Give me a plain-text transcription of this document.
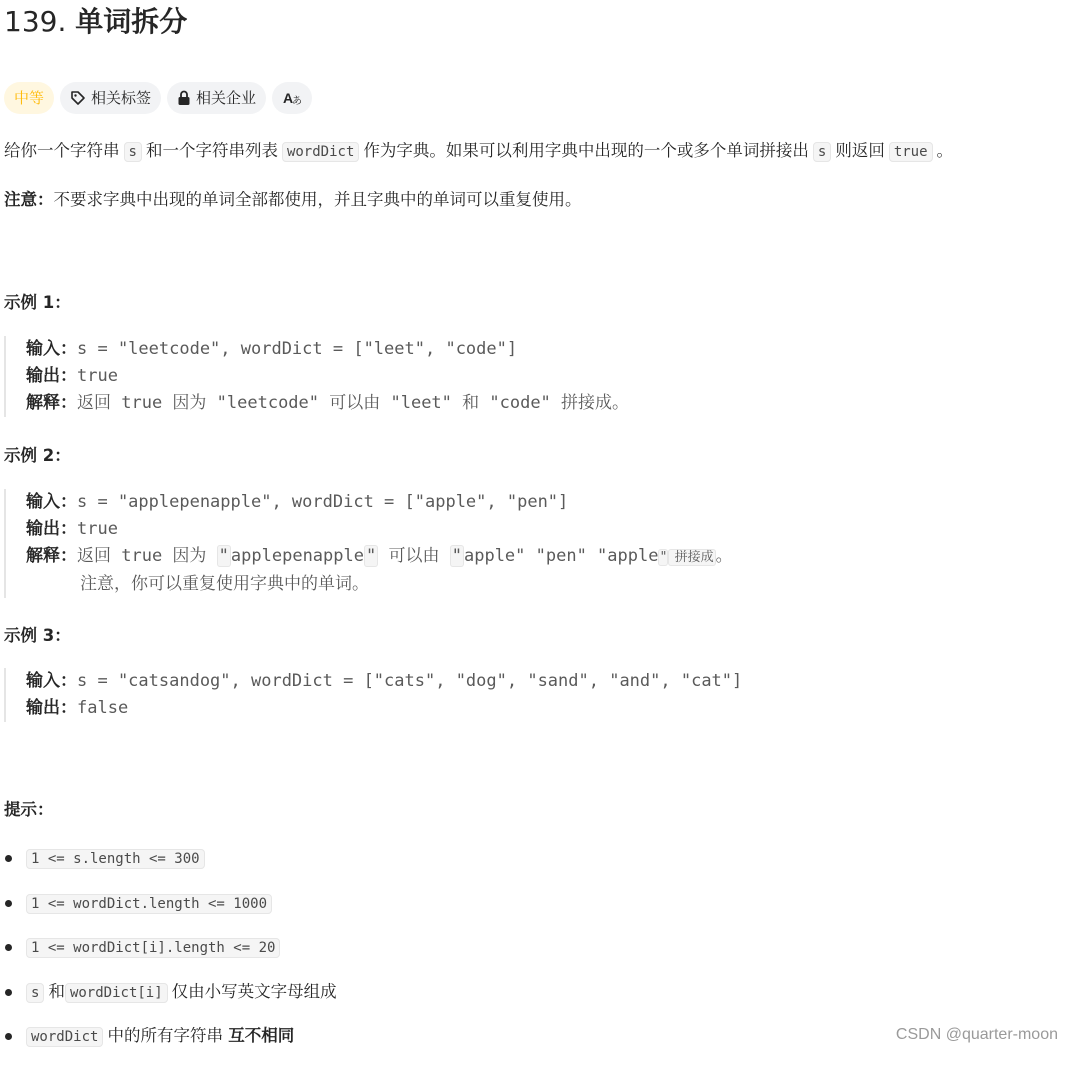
139. 单词拆分
中等	相关标签	相关企业 A
あ
给你一个字符串 s 和一个字符串列表 wordDict 作为字典。如果可以利用字典中出现的一个或多个单词拼接出 s 则返回 true 。
注意：不要求字典中出现的单词全部都使用，并且字典中的单词可以重复使用。
示例 1：
输入：s = "leetcode", wordDict = ["leet", "code"]
输出：true
解释：返回 true 因为 "leetcode" 可以由 "leet" 和 "code" 拼接成。
示例 2：
输入：s = "applepenapple", wordDict = ["apple", "pen"]
输出：true
解释：返回 true 因为 " applepenapple " 可以由 " apple" "pen" "apple " 拼接成 。
注意，你可以重复使用字典中的单词。
示例 3：
输入：s = "catsandog", wordDict = ["cats", "dog", "sand", "and", "cat"]
输出：false
提示：
1 <= s.length <= 300
1 <= wordDict.length <= 1000
1 <= wordDict[i].length <= 20
s 和 wordDict[i] 仅由小写英文字母组成
wordDict 中的所有字符串 互不相同	CSDN @quarter-moon
